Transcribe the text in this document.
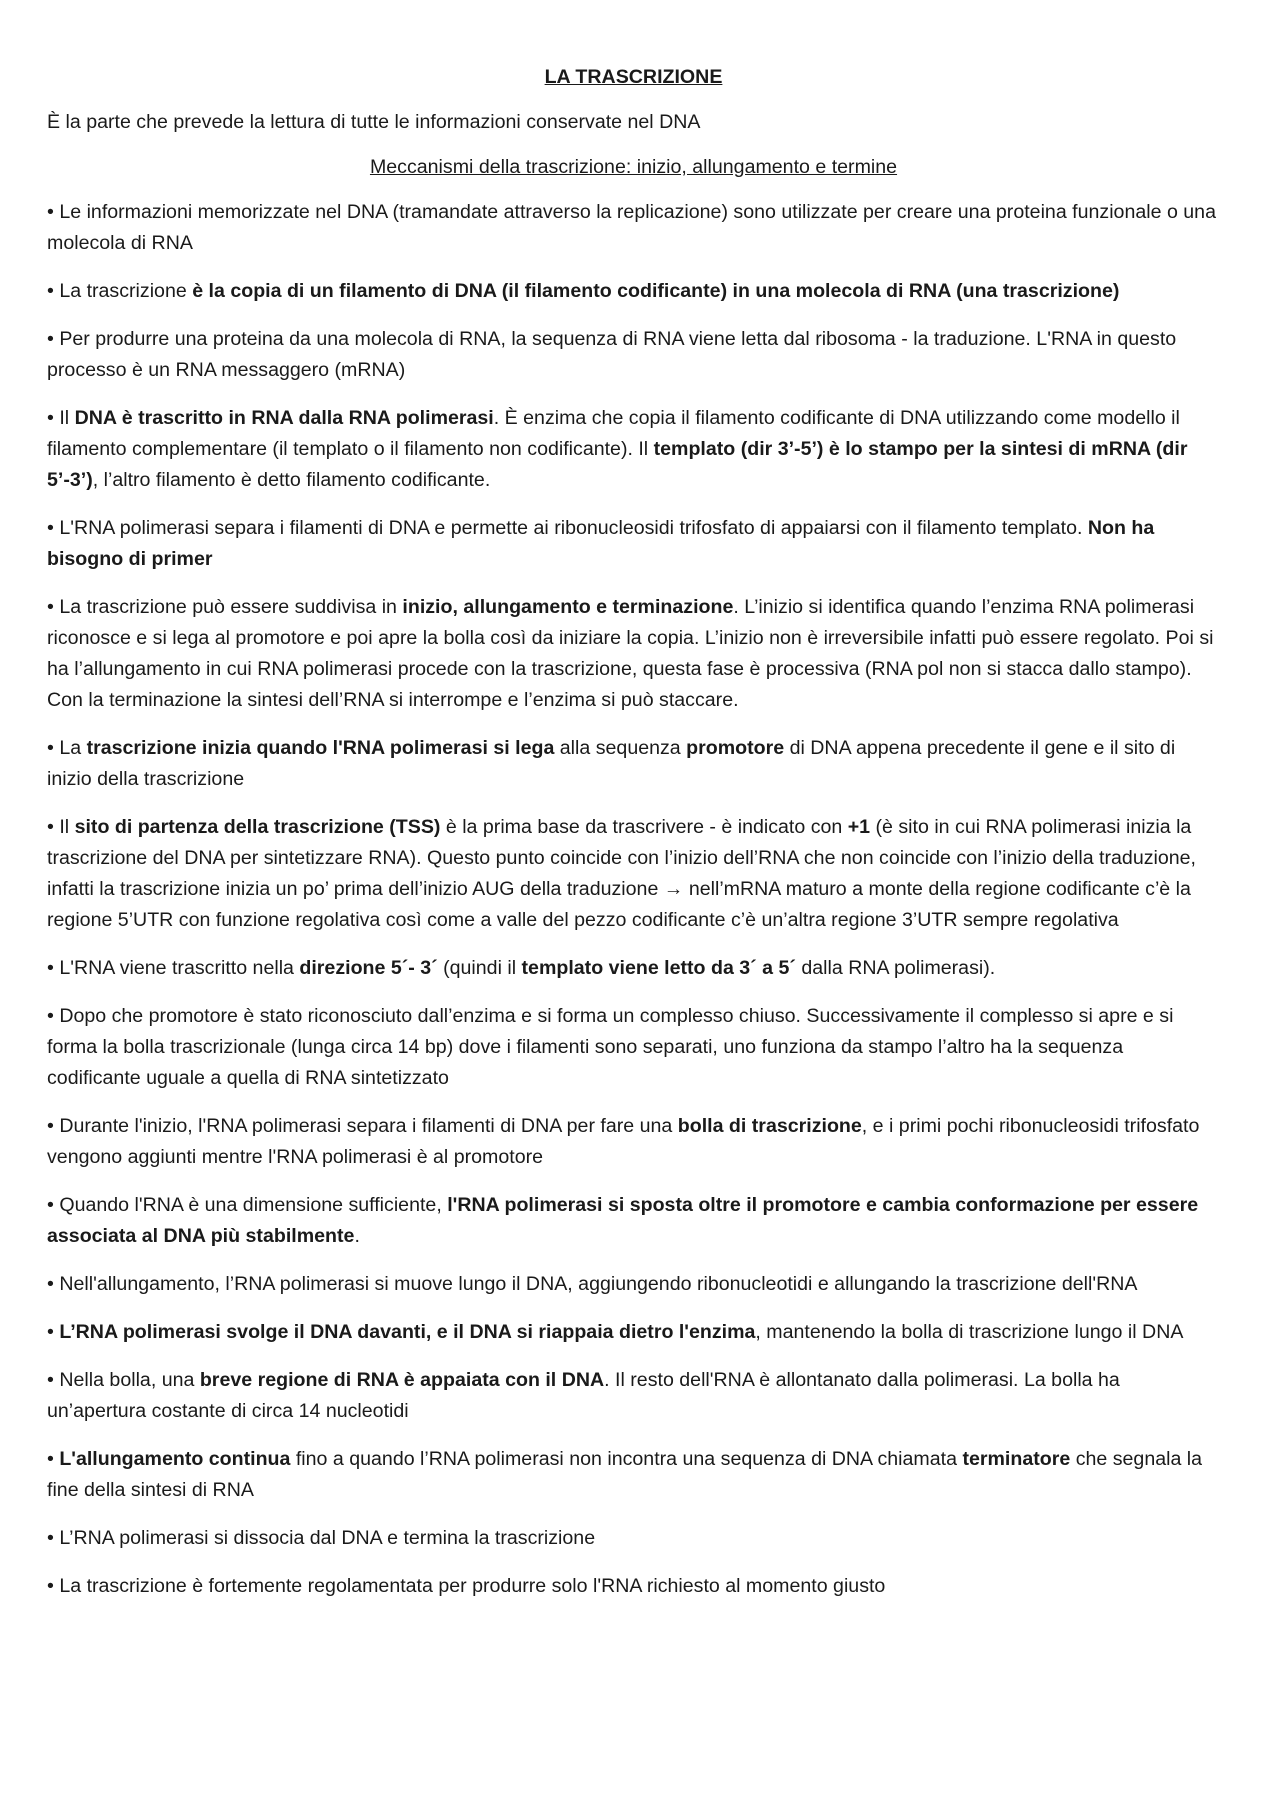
LA TRASCRIZIONE
È la parte che prevede la lettura di tutte le informazioni conservate nel DNA
Meccanismi della trascrizione: inizio, allungamento e termine
• Le informazioni memorizzate nel DNA (tramandate attraverso la replicazione) sono utilizzate per creare una proteina funzionale o una molecola di RNA
• La trascrizione è la copia di un filamento di DNA (il filamento codificante) in una molecola di RNA (una trascrizione)
• Per produrre una proteina da una molecola di RNA, la sequenza di RNA viene letta dal ribosoma - la traduzione. L'RNA in questo processo è un RNA messaggero (mRNA)
• Il DNA è trascritto in RNA dalla RNA polimerasi. È enzima che copia il filamento codificante di DNA utilizzando come modello il filamento complementare (il templato o il filamento non codificante). Il templato (dir 3’-5’) è lo stampo per la sintesi di mRNA (dir 5’-3’), l’altro filamento è detto filamento codificante.
• L'RNA polimerasi separa i filamenti di DNA e permette ai ribonucleosidi trifosfato di appaiarsi con il filamento templato. Non ha bisogno di primer
• La trascrizione può essere suddivisa in inizio, allungamento e terminazione. L’inizio si identifica quando l’enzima RNA polimerasi riconosce e si lega al promotore e poi apre la bolla così da iniziare la copia. L’inizio non è irreversibile infatti può essere regolato. Poi si ha l’allungamento in cui RNA polimerasi procede con la trascrizione, questa fase è processiva (RNA pol non si stacca dallo stampo). Con la terminazione la sintesi dell’RNA si interrompe e l’enzima si può staccare.
• La trascrizione inizia quando l'RNA polimerasi si lega alla sequenza promotore di DNA appena precedente il gene e il sito di inizio della trascrizione
• Il sito di partenza della trascrizione (TSS) è la prima base da trascrivere - è indicato con +1 (è sito in cui RNA polimerasi inizia la trascrizione del DNA per sintetizzare RNA). Questo punto coincide con l’inizio dell’RNA che non coincide con l’inizio della traduzione, infatti la trascrizione inizia un po’ prima dell’inizio AUG della traduzione → nell’mRNA maturo a monte della regione codificante c’è la regione 5’UTR con funzione regolativa così come a valle del pezzo codificante c’è un’altra regione 3’UTR sempre regolativa
• L'RNA viene trascritto nella direzione 5´- 3´ (quindi il templato viene letto da 3´ a 5´ dalla RNA polimerasi).
• Dopo che promotore è stato riconosciuto dall’enzima e si forma un complesso chiuso. Successivamente il complesso si apre e si forma la bolla trascrizionale (lunga circa 14 bp) dove i filamenti sono separati, uno funziona da stampo l’altro ha la sequenza codificante uguale a quella di RNA sintetizzato
• Durante l'inizio, l'RNA polimerasi separa i filamenti di DNA per fare una bolla di trascrizione, e i primi pochi ribonucleosidi trifosfato vengono aggiunti mentre l'RNA polimerasi è al promotore
• Quando l'RNA è una dimensione sufficiente, l'RNA polimerasi si sposta oltre il promotore e cambia conformazione per essere associata al DNA più stabilmente.
• Nell'allungamento, l’RNA polimerasi si muove lungo il DNA, aggiungendo ribonucleotidi e allungando la trascrizione dell'RNA
• L’RNA polimerasi svolge il DNA davanti, e il DNA si riappaia dietro l'enzima, mantenendo la bolla di trascrizione lungo il DNA
• Nella bolla, una breve regione di RNA è appaiata con il DNA. Il resto dell'RNA è allontanato dalla polimerasi. La bolla ha un’apertura costante di circa 14 nucleotidi
• L'allungamento continua fino a quando l’RNA polimerasi non incontra una sequenza di DNA chiamata terminatore che segnala la fine della sintesi di RNA
• L’RNA polimerasi si dissocia dal DNA e termina la trascrizione
• La trascrizione è fortemente regolamentata per produrre solo l'RNA richiesto al momento giusto
